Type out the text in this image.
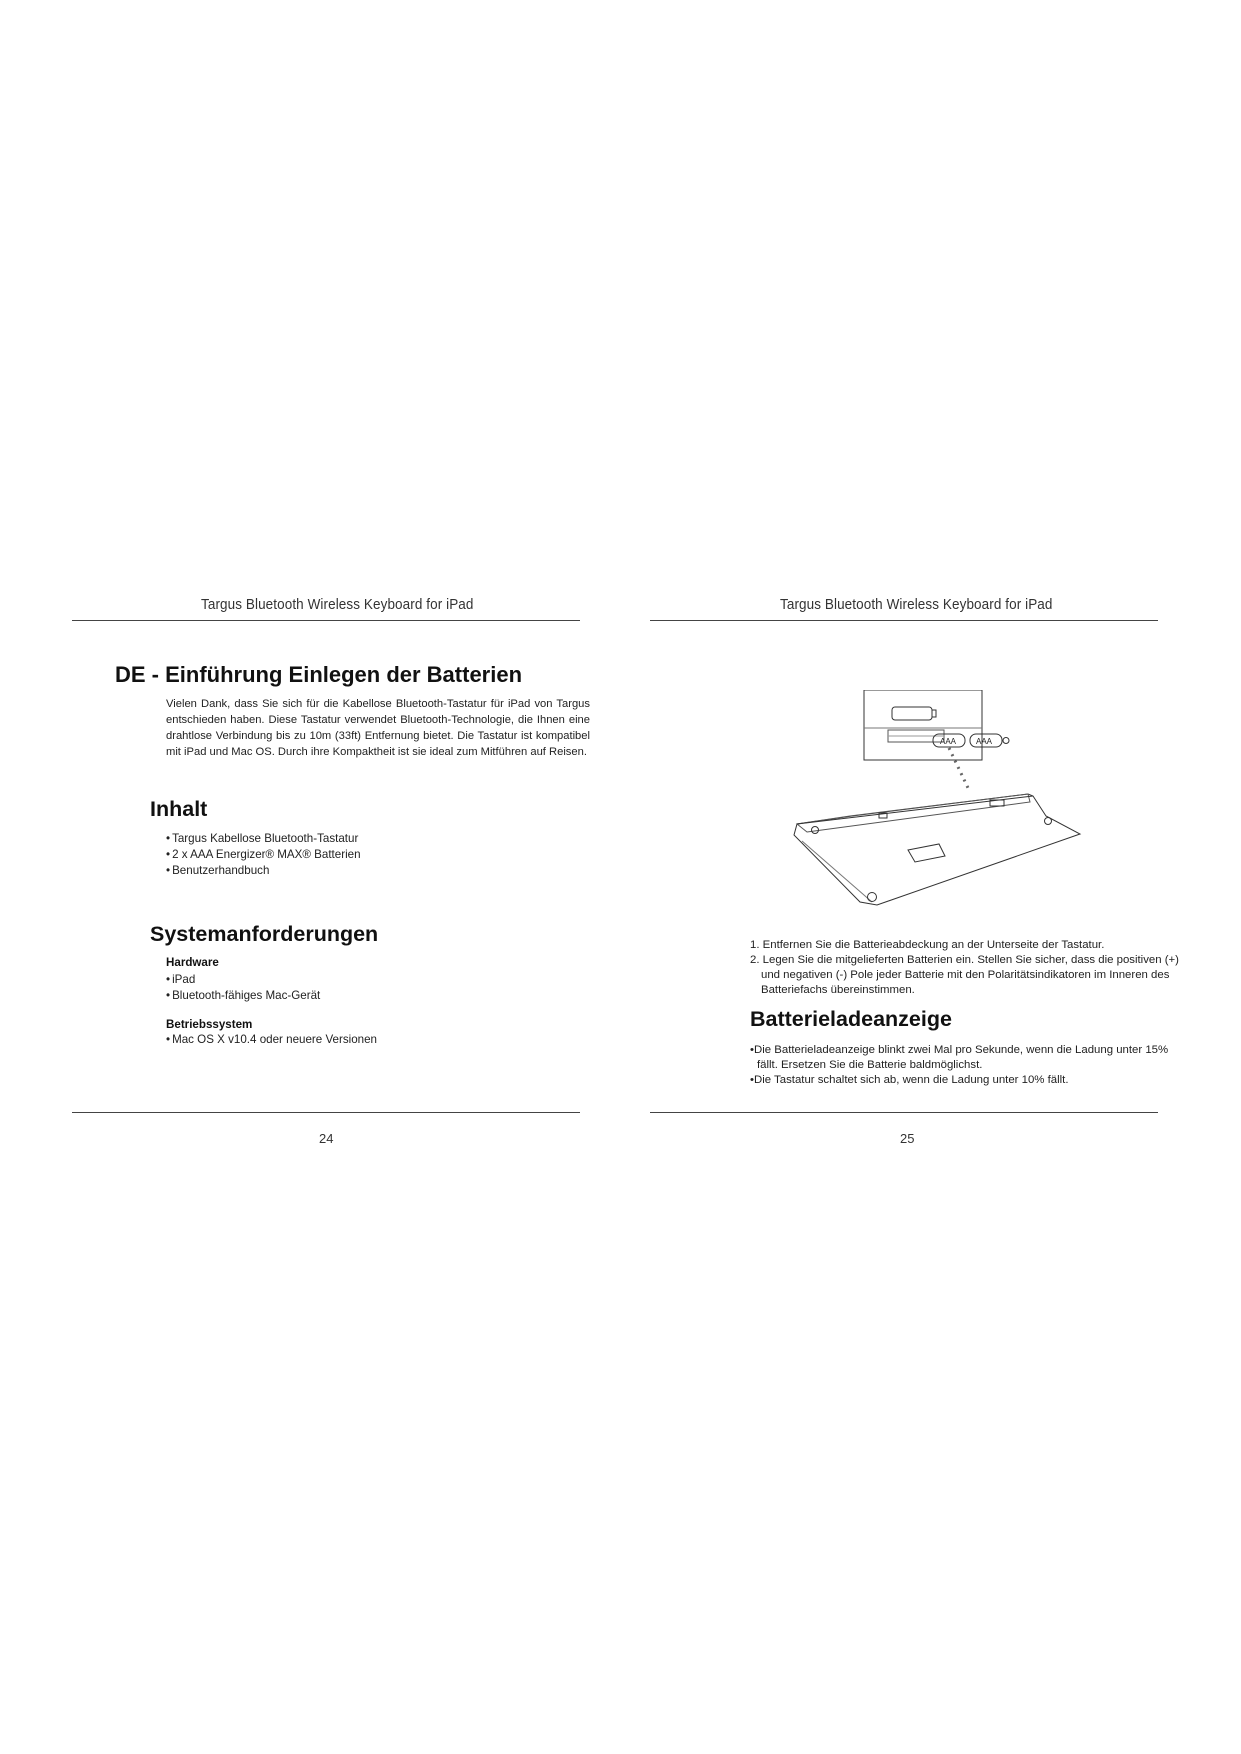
Targus Bluetooth Wireless Keyboard for iPad
DE - Einführung Einlegen der Batterien

Vielen Dank, dass Sie sich für die Kabellose Bluetooth-Tastatur für iPad von Targus entschieden haben. Diese Tastatur verwendet Bluetooth-Technologie, die Ihnen eine drahtlose Verbindung bis zu 10m (33ft) Entfernung bietet. Die Tastatur ist kompatibel mit iPad und Mac OS. Durch ihre Kompaktheit ist sie ideal zum Mitführen auf Reisen.

Inhalt
• Targus Kabellose Bluetooth-Tastatur
• 2 x AAA Energizer® MAX® Batterien
• Benutzerhandbuch
Systemanforderungen
Hardware
• iPad
• Bluetooth-fähiges Mac-Gerät
Betriebssystem
• Mac OS X v10.4 oder neuere Versionen
24
Targus Bluetooth Wireless Keyboard for iPad
AAA AAA
1. Entfernen Sie die Batterieabdeckung an der Unterseite der Tastatur.
2. Legen Sie die mitgelieferten Batterien ein. Stellen Sie sicher, dass die positiven (+) und negativen (-) Pole jeder Batterie mit den Polaritätsindikatoren im Inneren des Batteriefachs übereinstimmen.
Batterieladeanzeige
• Die Batterieladeanzeige blinkt zwei Mal pro Sekunde, wenn die Ladung unter 15% fällt. Ersetzen Sie die Batterie baldmöglichst.
• Die Tastatur schaltet sich ab, wenn die Ladung unter 10% fällt.
25
